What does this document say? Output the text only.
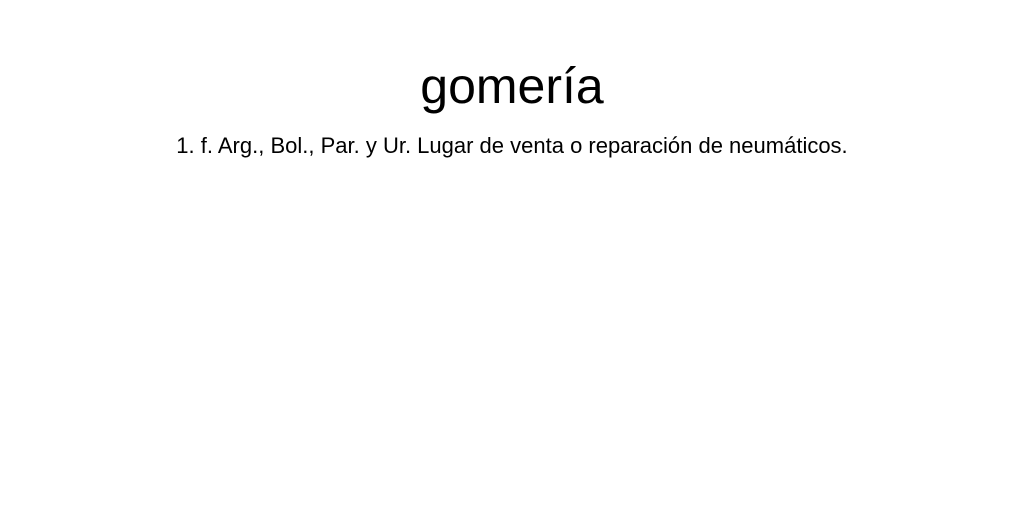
gomería

1. f. Arg., Bol., Par. y Ur. Lugar de venta o reparación de neumáticos.
